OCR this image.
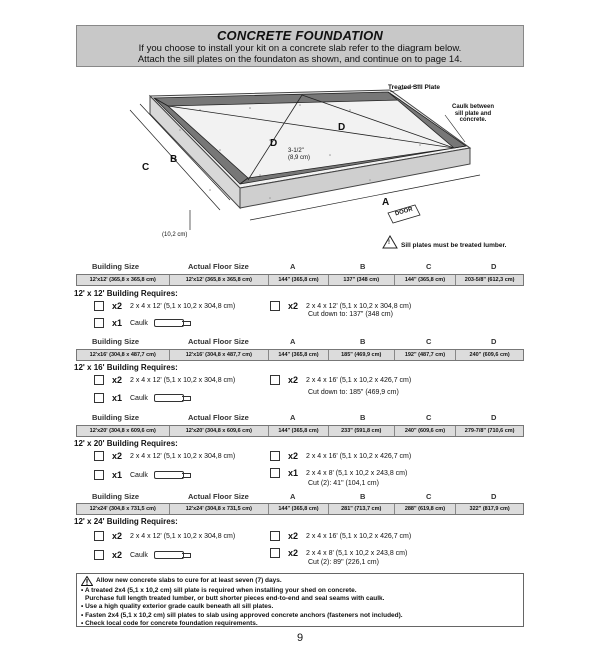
CONCRETE FOUNDATION
If you choose to install your kit on a concrete slab refer to the diagram below.
Attach the sill plates on the foundaton as shown, and continue on to page 14.
Treated Sill Plate
Caulk between
sill plate and
concrete.
A
B
C
D
D
3-1/2"
(8,9 cm)
(10,2 cm)
DOOR
! Sill plates must be treated lumber.
Building Size	Actual Floor Size	A	B	C	D
12'x12' (365,8 x 365,8 cm)	12'x12' (365,8 x 365,8 cm)	144" (365,8 cm)	137" (348 cm)	144" (365,8 cm)	203-5/8" (612,3 cm)
12' x 12' Building Requires:
x2	2 x 4 x 12' (5,1 x 10,2 x 304,8 cm)
x1	Caulk
x2	2 x 4 x 12' (5,1 x 10,2 x 304,8 cm)
Cut down to: 137" (348 cm)
Building Size	Actual Floor Size	A	B	C	D
12'x16' (304,8 x 487,7 cm)	12'x16' (304,8 x 487,7 cm)	144" (365,8 cm)	185" (469,9 cm)	192" (487,7 cm)	240" (609,6 cm)
12' x 16' Building Requires:
x2	2 x 4 x 12' (5,1 x 10,2 x 304,8 cm)
x1	Caulk
x2	2 x 4 x 16' (5,1 x 10,2 x 426,7 cm)
Cut down to: 185" (469,9 cm)
Building Size	Actual Floor Size	A	B	C	D
12'x20' (304,8 x 609,6 cm)	12'x20' (304,8 x 609,6 cm)	144" (365,8 cm)	233" (591,8 cm)	240" (609,6 cm)	279-7/8" (710,6 cm)
12' x 20' Building Requires:
x2	2 x 4 x 12' (5,1 x 10,2 x 304,8 cm)
x1	Caulk
x2	2 x 4 x 16' (5,1 x 10,2 x 426,7 cm)
x1	2 x 4 x 8' (5,1 x 10,2 x 243,8 cm)
Cut (2): 41" (104,1 cm)
Building Size	Actual Floor Size	A	B	C	D
12'x24' (304,8 x 731,5 cm)	12'x24' (304,8 x 731,5 cm)	144" (365,8 cm)	281" (713,7 cm)	288" (619,8 cm)	322" (817,9 cm)
12' x 24' Building Requires:
x2	2 x 4 x 12' (5,1 x 10,2 x 304,8 cm)
x2	Caulk
x2	2 x 4 x 16' (5,1 x 10,2 x 426,7 cm)
x2	2 x 4 x 8' (5,1 x 10,2 x 243,8 cm)
Cut (2): 89" (226,1 cm)
Allow new concrete slabs to cure for at least seven (7) days.
• A treated 2x4 (5,1 x 10,2 cm) sill plate is required when installing your shed on concrete.
Purchase full length treated lumber, or butt shorter pieces end-to-end and seal seams with caulk.
• Use a high quality exterior grade caulk beneath all sill plates.
• Fasten 2x4 (5,1 x 10,2 cm) sill plates to slab using approved concrete anchors (fasteners not included).
• Check local code for concrete foundation requirements.
9
